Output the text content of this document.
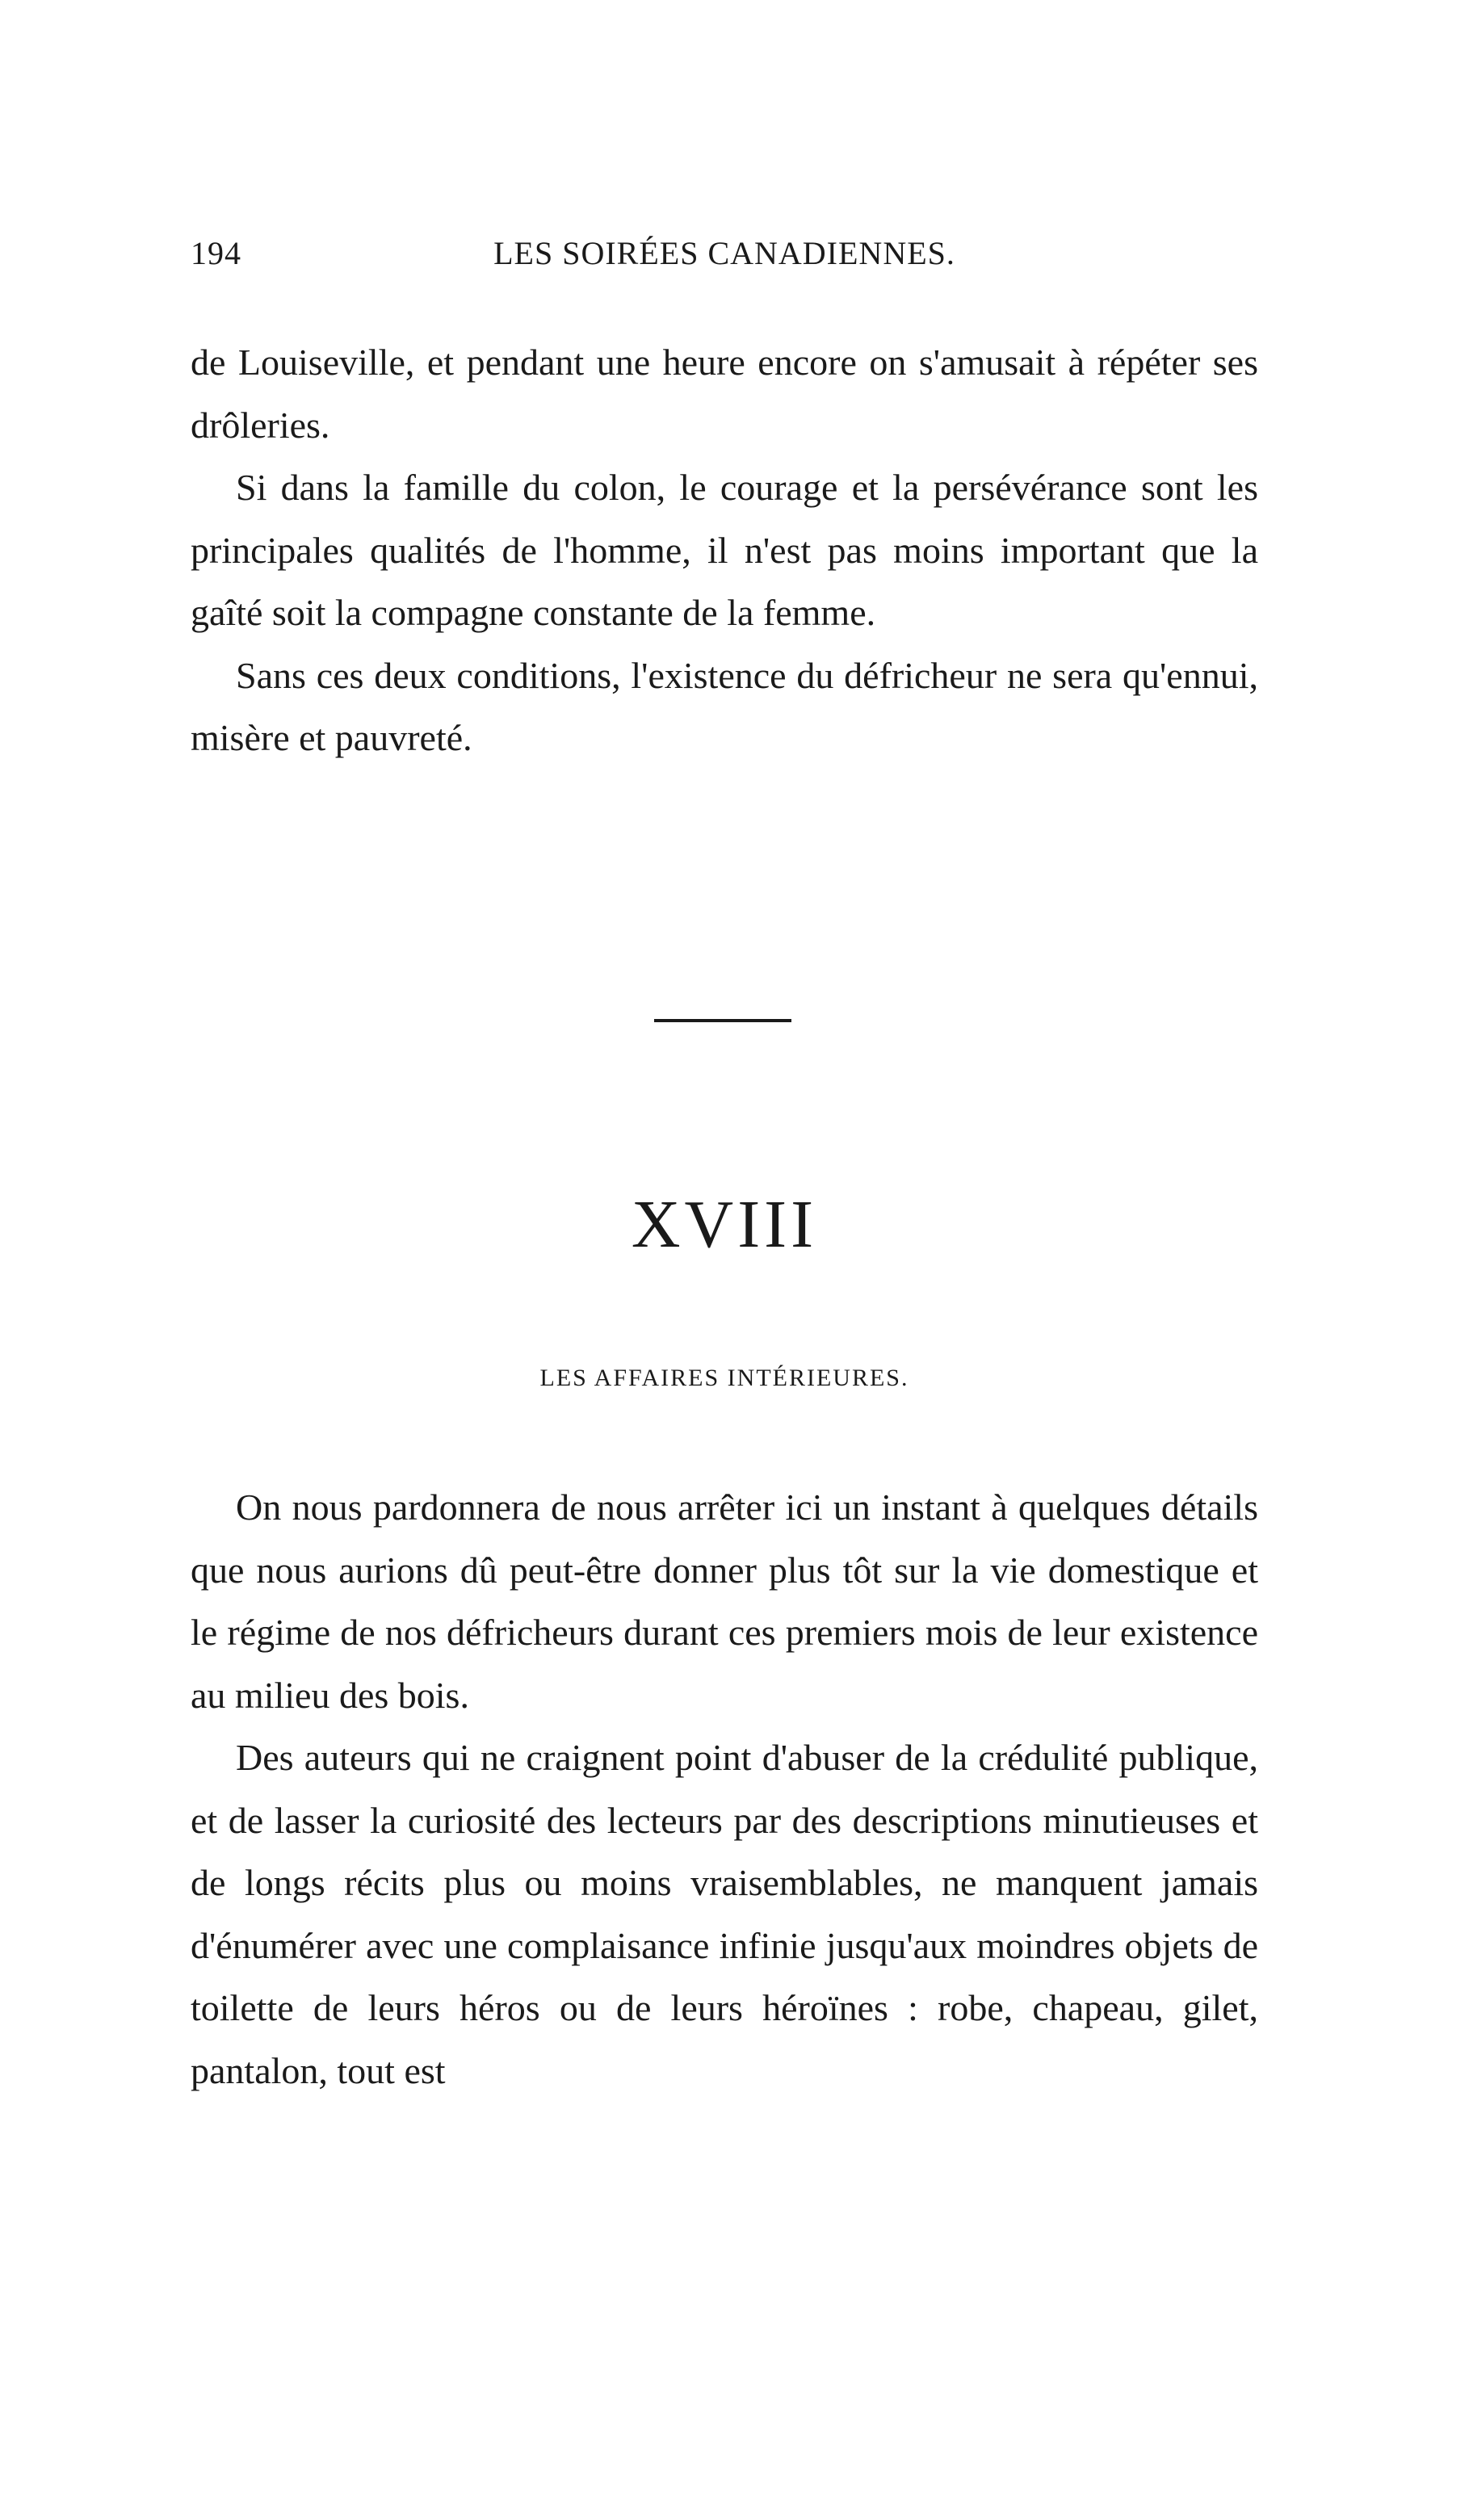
194	LES SOIRÉES CANADIENNES.

de Louiseville, et pendant une heure encore on s'amusait à répéter ses drôleries.

Si dans la famille du colon, le courage et la persévérance sont les principales qualités de l'homme, il n'est pas moins important que la gaîté soit la compagne constante de la femme.

Sans ces deux conditions, l'existence du défricheur ne sera qu'ennui, misère et pauvreté.

XVIII
LES AFFAIRES INTÉRIEURES.

On nous pardonnera de nous arrêter ici un instant à quelques détails que nous aurions dû peut-être donner plus tôt sur la vie domestique et le régime de nos défricheurs durant ces premiers mois de leur existence au milieu des bois.

Des auteurs qui ne craignent point d'abuser de la crédulité publique, et de lasser la curiosité des lecteurs par des descriptions minutieuses et de longs récits plus ou moins vraisemblables, ne manquent jamais d'énumérer avec une complaisance infinie jusqu'aux moindres objets de toilette de leurs héros ou de leurs héroïnes : robe, chapeau, gilet, pantalon, tout est
